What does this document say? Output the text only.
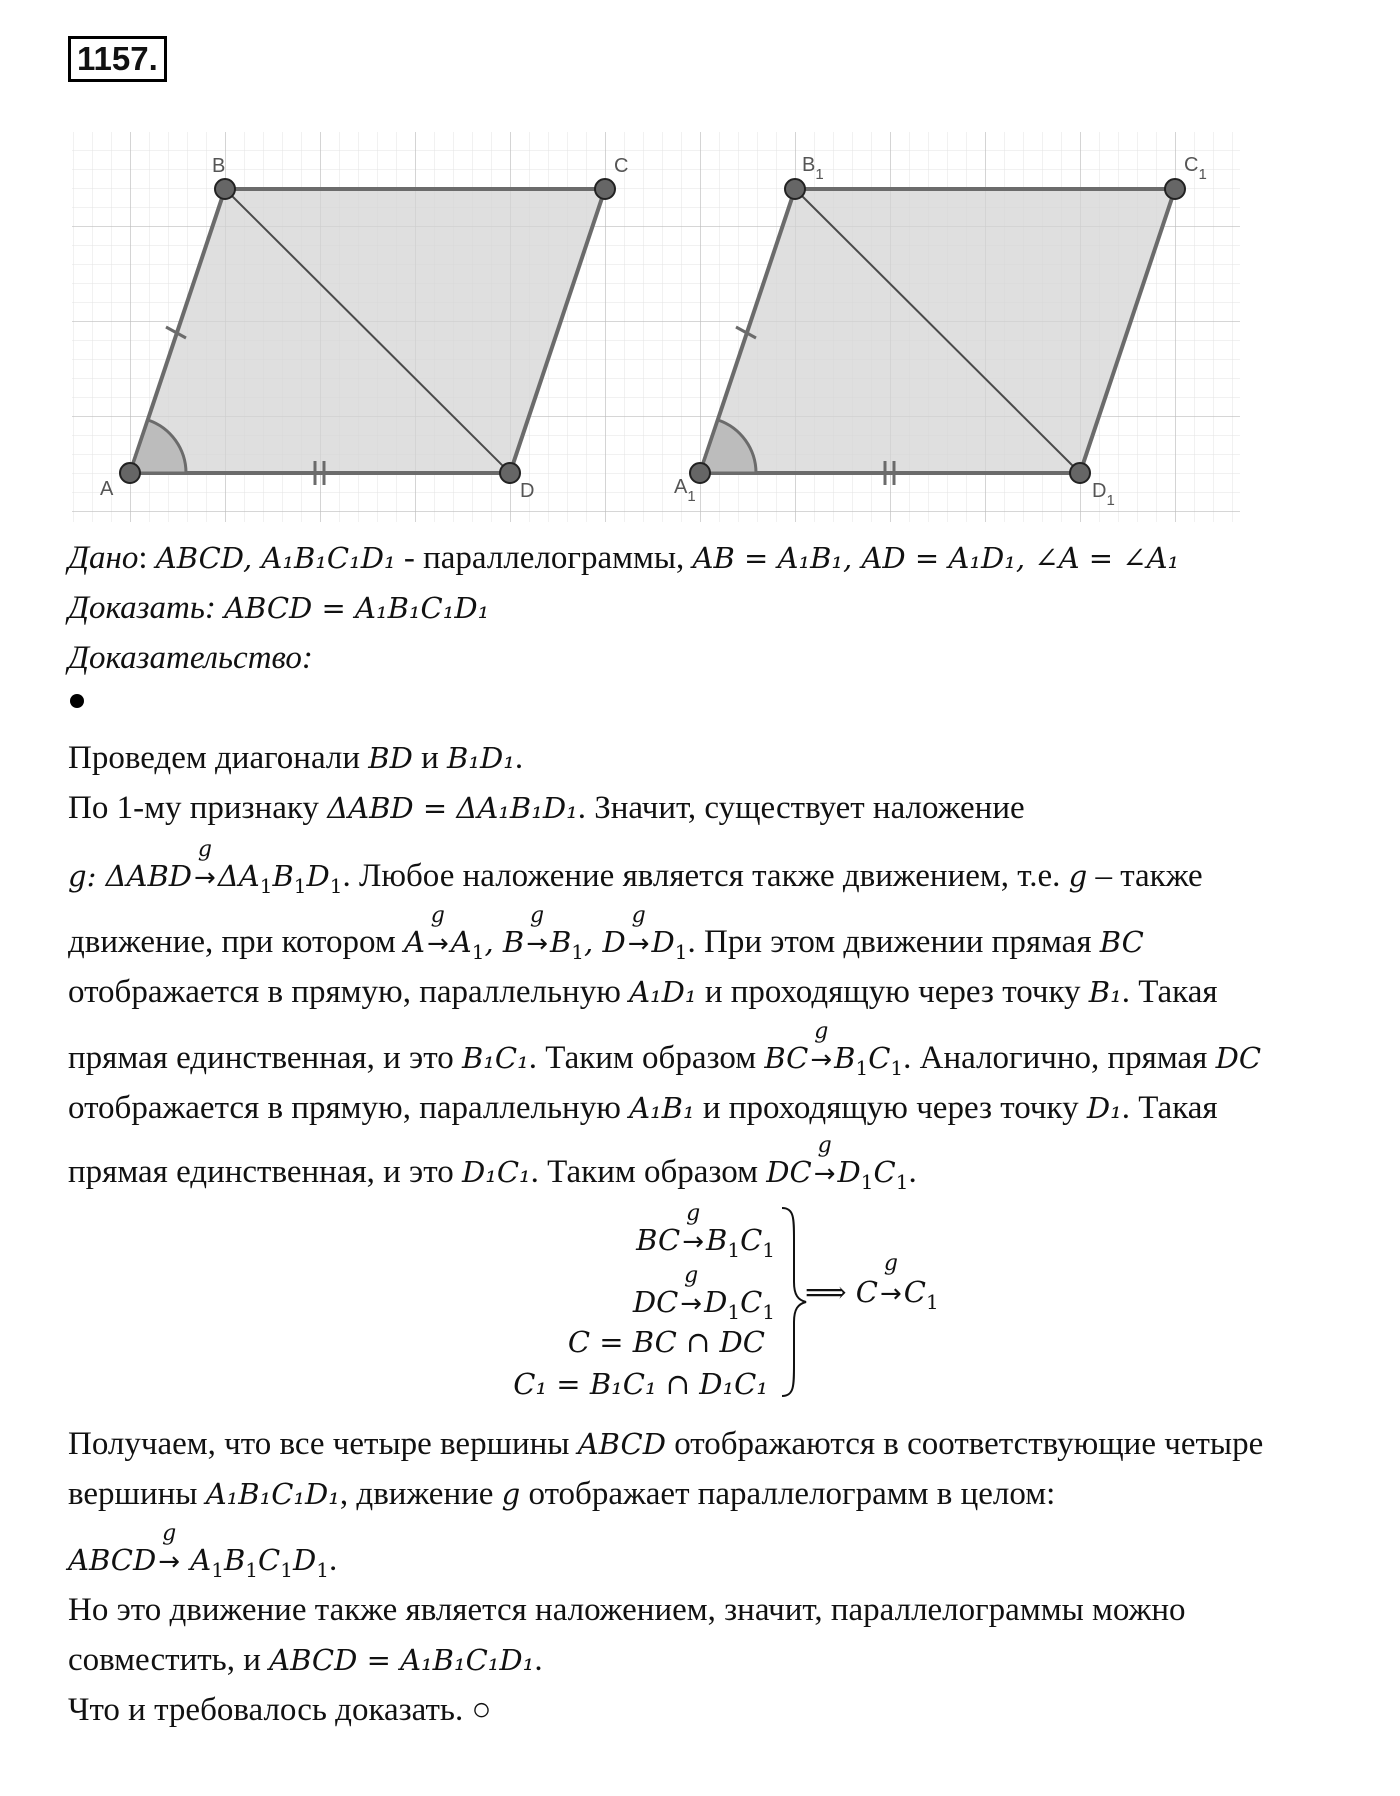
1157.
A
B	C
D	$A_1$
$B_1$	$C_1$
$D_1$
Дано: ABCD, A₁B₁C₁D₁ - параллелограммы, AB = A₁B₁, AD = A₁D₁, ∠A = ∠A₁
Доказать: ABCD = A₁B₁C₁D₁
Доказательство:
Проведем диагонали BD и B₁D₁.
По 1-му признаку ΔABD = ΔA₁B₁D₁. Значит, существует наложение
g: ΔABDg $\to\Delta A_1B_1D_1$. Любое наложение является также движением, т.е. g – также
движение, при котором $Ag \to A_1$, $Bg \to B_1$, $Dg \to D_1$. При этом движении прямая BC
отображается в прямую, параллельную A₁D₁ и проходящую через точку B₁. Такая
прямая единственная, и это B₁C₁. Таким образом BCg $\to B_1C_1$. Аналогично, прямая DC
отображается в прямую, параллельную A₁B₁ и проходящую через точку D₁. Такая
прямая единственная, и это D₁C₁. Таким образом DCg $\to D_1C_1$.
BCg $\to B_1C_1$
DCg $\to D_1C_1$
C = BC ∩ DC
C₁ = B₁C₁ ∩ D₁C₁
⟹ $Cg \to C_1$
Получаем, что все четыре вершины ABCD отображаются в соответствующие четыре
вершины A₁B₁C₁D₁, движение g отображает параллелограмм в целом:
ABCDg → $A_1B_1C_1D_1$.
Но это движение также является наложением, значит, параллелограммы можно
совместить, и ABCD = A₁B₁C₁D₁.
Что и требовалось доказать. ○
